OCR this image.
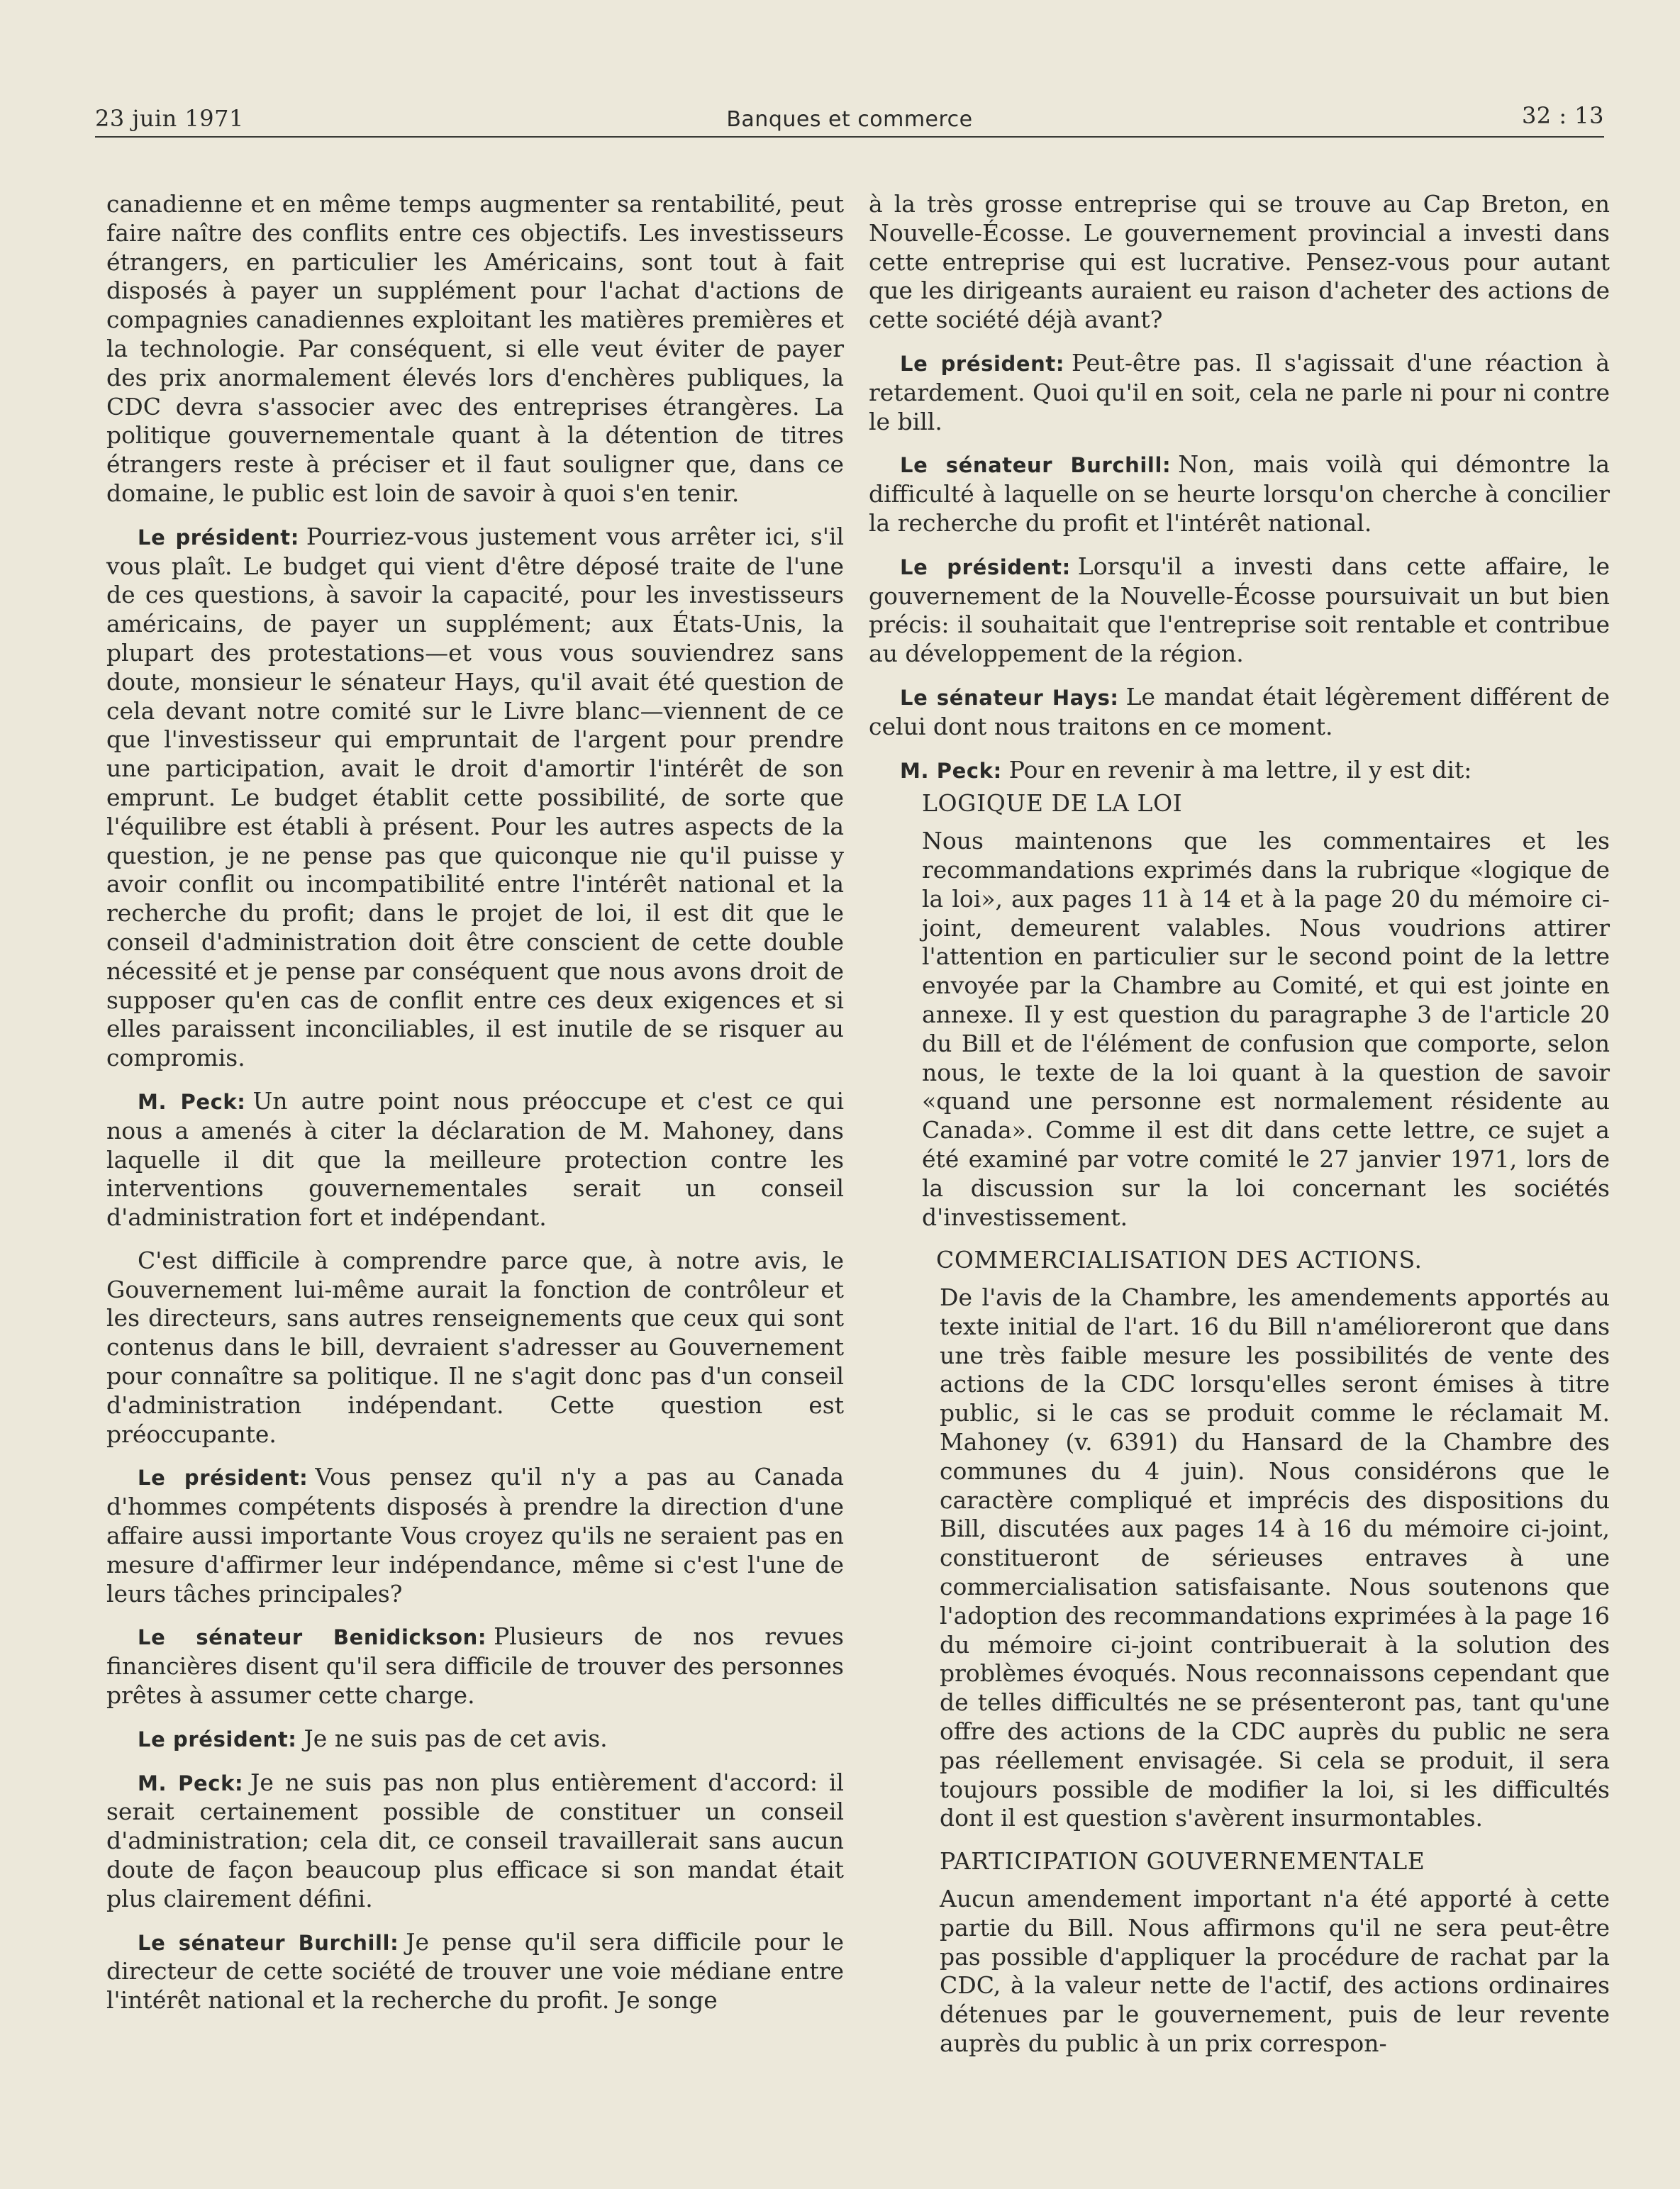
23 juin 1971	Banques et commerce	32 : 13

canadienne et en même temps augmenter sa rentabilité, peut faire naître des conflits entre ces objectifs. Les investisseurs étrangers, en particulier les Américains, sont tout à fait disposés à payer un supplément pour l'achat d'actions de compagnies canadiennes exploitant les matières premières et la technologie. Par conséquent, si elle veut éviter de payer des prix anormalement élevés lors d'enchères publiques, la CDC devra s'associer avec des entreprises étrangères. La politique gouvernementale quant à la détention de titres étrangers reste à préciser et il faut souligner que, dans ce domaine, le public est loin de savoir à quoi s'en tenir.

Le président: Pourriez-vous justement vous arrêter ici, s'il vous plaît. Le budget qui vient d'être déposé traite de l'une de ces questions, à savoir la capacité, pour les investisseurs américains, de payer un supplément; aux États-Unis, la plupart des protestations—et vous vous souviendrez sans doute, monsieur le sénateur Hays, qu'il avait été question de cela devant notre comité sur le Livre blanc—viennent de ce que l'investisseur qui empruntait de l'argent pour prendre une participation, avait le droit d'amortir l'intérêt de son emprunt. Le budget établit cette possibilité, de sorte que l'équilibre est établi à présent. Pour les autres aspects de la question, je ne pense pas que quiconque nie qu'il puisse y avoir conflit ou incompatibilité entre l'intérêt national et la recherche du profit; dans le projet de loi, il est dit que le conseil d'administration doit être conscient de cette double nécessité et je pense par conséquent que nous avons droit de supposer qu'en cas de conflit entre ces deux exigences et si elles paraissent inconciliables, il est inutile de se risquer au compromis.

M. Peck: Un autre point nous préoccupe et c'est ce qui nous a amenés à citer la déclaration de M. Mahoney, dans laquelle il dit que la meilleure protection contre les interventions gouvernementales serait un conseil d'administration fort et indépendant.

C'est difficile à comprendre parce que, à notre avis, le Gouvernement lui-même aurait la fonction de contrôleur et les directeurs, sans autres renseignements que ceux qui sont contenus dans le bill, devraient s'adresser au Gouvernement pour connaître sa politique. Il ne s'agit donc pas d'un conseil d'administration indépendant. Cette question est préoccupante.

Le président: Vous pensez qu'il n'y a pas au Canada d'hommes compétents disposés à prendre la direction d'une affaire aussi importante Vous croyez qu'ils ne seraient pas en mesure d'affirmer leur indépendance, même si c'est l'une de leurs tâches principales?

Le sénateur Benidickson: Plusieurs de nos revues financières disent qu'il sera difficile de trouver des personnes prêtes à assumer cette charge.

Le président: Je ne suis pas de cet avis.

M. Peck: Je ne suis pas non plus entièrement d'accord: il serait certainement possible de constituer un conseil d'administration; cela dit, ce conseil travaillerait sans aucun doute de façon beaucoup plus efficace si son mandat était plus clairement défini.

Le sénateur Burchill: Je pense qu'il sera difficile pour le directeur de cette société de trouver une voie médiane entre l'intérêt national et la recherche du profit. Je songe

à la très grosse entreprise qui se trouve au Cap Breton, en Nouvelle-Écosse. Le gouvernement provincial a investi dans cette entreprise qui est lucrative. Pensez-vous pour autant que les dirigeants auraient eu raison d'acheter des actions de cette société déjà avant?

Le président: Peut-être pas. Il s'agissait d'une réaction à retardement. Quoi qu'il en soit, cela ne parle ni pour ni contre le bill.

Le sénateur Burchill: Non, mais voilà qui démontre la difficulté à laquelle on se heurte lorsqu'on cherche à concilier la recherche du profit et l'intérêt national.

Le président: Lorsqu'il a investi dans cette affaire, le gouvernement de la Nouvelle-Écosse poursuivait un but bien précis: il souhaitait que l'entreprise soit rentable et contribue au développement de la région.

Le sénateur Hays: Le mandat était légèrement différent de celui dont nous traitons en ce moment.

M. Peck: Pour en revenir à ma lettre, il y est dit:

LOGIQUE DE LA LOI

Nous maintenons que les commentaires et les recommandations exprimés dans la rubrique «logique de la loi», aux pages 11 à 14 et à la page 20 du mémoire ci-joint, demeurent valables. Nous voudrions attirer l'attention en particulier sur le second point de la lettre envoyée par la Chambre au Comité, et qui est jointe en annexe. Il y est question du paragraphe 3 de l'article 20 du Bill et de l'élément de confusion que comporte, selon nous, le texte de la loi quant à la question de savoir «quand une personne est normalement résidente au Canada». Comme il est dit dans cette lettre, ce sujet a été examiné par votre comité le 27 janvier 1971, lors de la discussion sur la loi concernant les sociétés d'investissement.

COMMERCIALISATION DES ACTIONS.

De l'avis de la Chambre, les amendements apportés au texte initial de l'art. 16 du Bill n'amélioreront que dans une très faible mesure les possibilités de vente des actions de la CDC lorsqu'elles seront émises à titre public, si le cas se produit comme le réclamait M. Mahoney (v. 6391) du Hansard de la Chambre des communes du 4 juin). Nous considérons que le caractère compliqué et imprécis des dispositions du Bill, discutées aux pages 14 à 16 du mémoire ci-joint, constitueront de sérieuses entraves à une commercialisation satisfaisante. Nous soutenons que l'adoption des recommandations exprimées à la page 16 du mémoire ci-joint contribuerait à la solution des problèmes évoqués. Nous reconnaissons cependant que de telles difficultés ne se présenteront pas, tant qu'une offre des actions de la CDC auprès du public ne sera pas réellement envisagée. Si cela se produit, il sera toujours possible de modifier la loi, si les difficultés dont il est question s'avèrent insurmontables.

PARTICIPATION GOUVERNEMENTALE

Aucun amendement important n'a été apporté à cette partie du Bill. Nous affirmons qu'il ne sera peut-être pas possible d'appliquer la procédure de rachat par la CDC, à la valeur nette de l'actif, des actions ordinaires détenues par le gouvernement, puis de leur revente auprès du public à un prix correspon-
